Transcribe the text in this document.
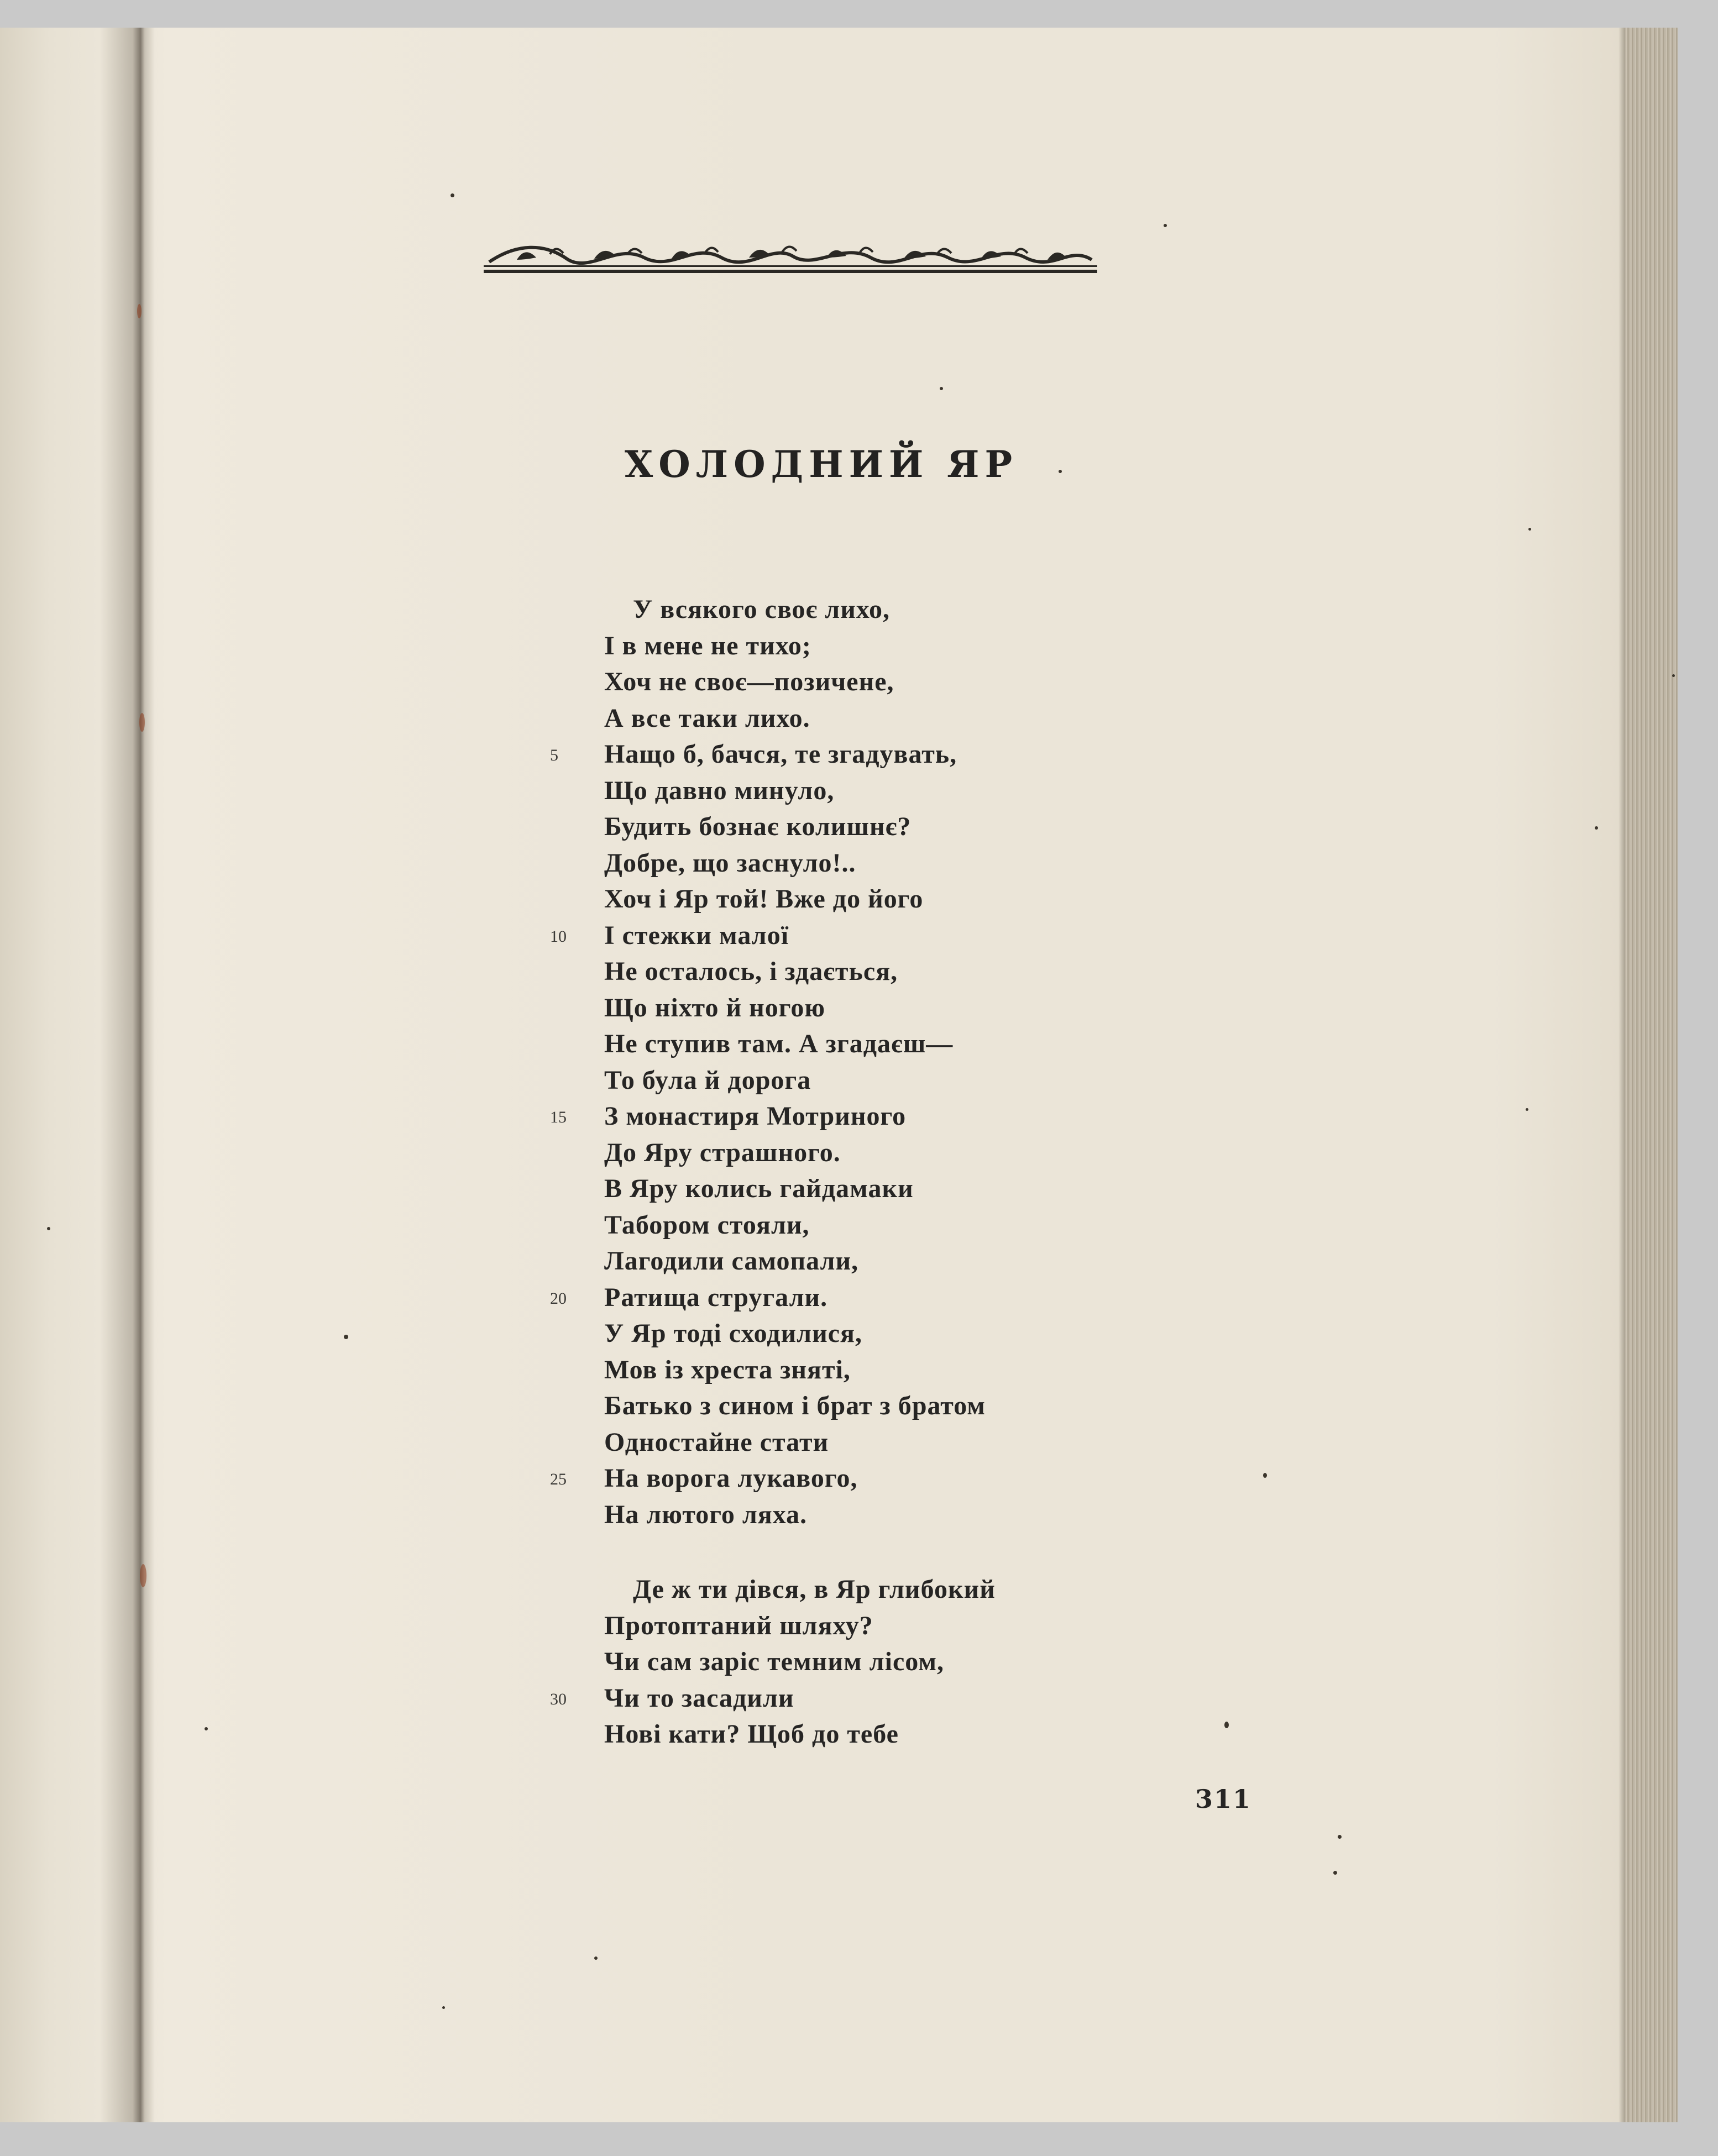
ХОЛОДНИЙ ЯР
У всякого своє лихо,
І в мене не тихо;
Хоч не своє—позичене,
А все таки лихо.
Нащо б, бачся, те згадувать,
5
Що давно минуло,
Будить бознає колишнє?
Добре, що заснуло!..
Хоч і Яр той! Вже до його
І стежки малої
10
Не осталось, і здається,
Що ніхто й ногою
Не ступив там. А згадаєш—
То була й дорога
З монастиря Мотриного
15
До Яру страшного.
В Яру колись гайдамаки
Табором стояли,
Лагодили самопали,
Ратища стругали.
20
У Яр тоді сходилися,
Мов із хреста зняті,
Батько з сином і брат з братом
Одностайне стати
На ворога лукавого,
25
На лютого ляха.
Де ж ти дівся, в Яр глибокий
Протоптаний шляху?
Чи сам заріс темним лісом,
Чи то засадили
30
Нові кати? Щоб до тебе
311
